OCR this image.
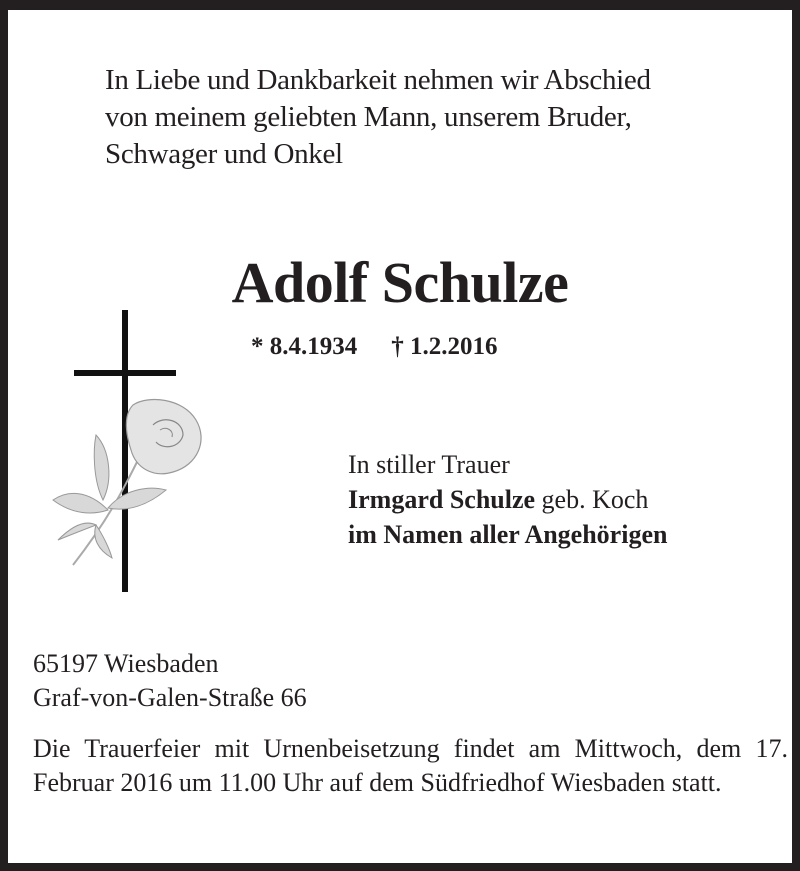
In Liebe und Dankbarkeit nehmen wir Abschied
von meinem geliebten Mann, unserem Bruder,
Schwager und Onkel
Adolf Schulze
* 8.4.1934 † 1.2.2016
In stiller Trauer
Irmgard Schulze geb. Koch
im Namen aller Angehörigen
65197 Wiesbaden
Graf-von-Galen-Straße 66

Die Trauerfeier mit Urnenbeisetzung findet am Mittwoch, dem 17. Februar 2016 um 11.00 Uhr auf dem Südfriedhof Wiesbaden statt.
